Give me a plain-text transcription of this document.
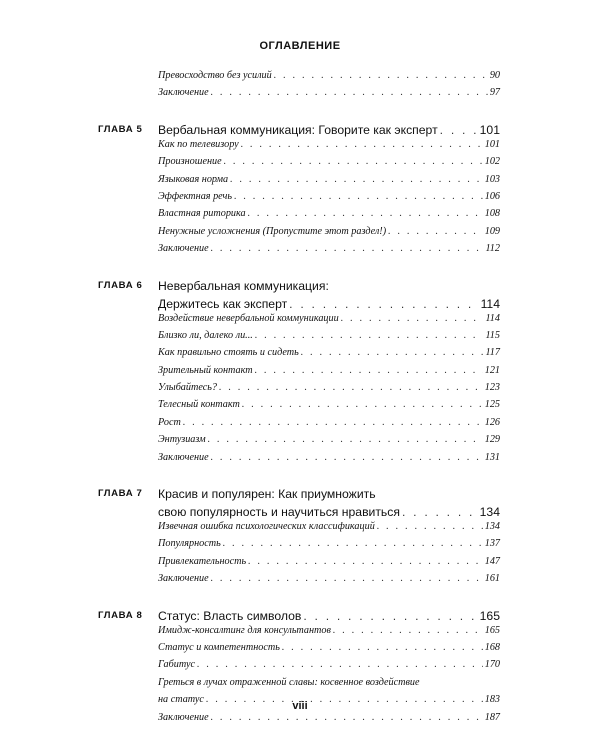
ОГЛАВЛЕНИЕ
Превосходство без усилий . . .	90
Заключение . . .	97
ГЛАВА 5	Вербальная коммуникация: Говорите как эксперт . . .	101
Как по телевизору . . .	101
Произношение . . .	102
Языковая норма . . .	103
Эффектная речь . . .	106
Властная риторика . . .	108
Ненужные усложнения (Пропустите этот раздел!) . . .	109
Заключение . . .	112
ГЛАВА 6	Невербальная коммуникация:
Держитесь как эксперт . . .	114
Воздействие невербальной коммуникации . . .	114
Близко ли, далеко ли... . . .	115
Как правильно стоять и сидеть . . .	117
Зрительный контакт . . .	121
Улыбайтесь? . . .	123
Телесный контакт . . .	125
Рост . . .	126
Энтузиазм . . .	129
Заключение . . .	131
ГЛАВА 7	Красив и популярен: Как приумножить
свою популярность и научиться нравиться . . .	134
Извечная ошибка психологических классификаций . . .	134
Популярность . . .	137
Привлекательность . . .	147
Заключение . . .	161
ГЛАВА 8	Статус: Власть символов . . .	165
Имидж-консалтинг для консультантов . . .	165
Статус и компетентность . . .	168
Габитус . . .	170
Греться в лучах отраженной славы: косвенное воздействие
на статус . . .	183
Заключение . . .	187
viii
